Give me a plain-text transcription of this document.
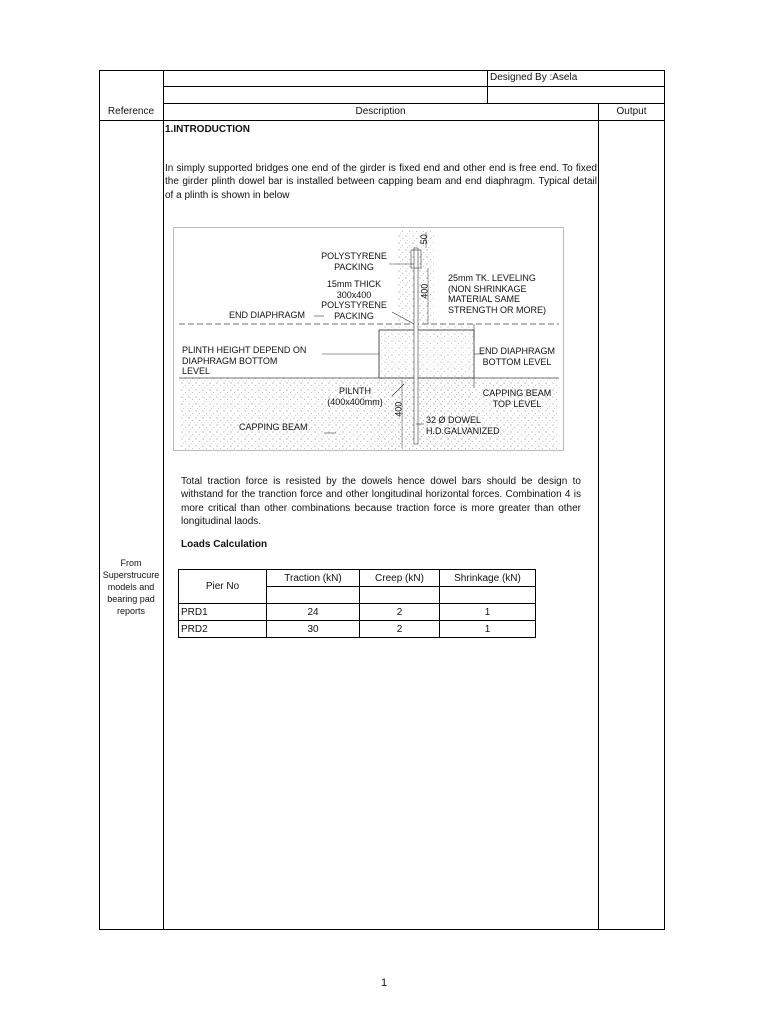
Designed By :Asela
Reference	Description	Output
From
Superstrucure
models and
bearing pad
reports
1.INTRODUCTION
In simply supported bridges one end of the girder is fixed end and other end is free end. To fixed the girder plinth dowel bar is installed between capping beam and end diaphragm. Typical detail of a plinth is shown in below
POLYSTYRENE
PACKING
50
400
400
15mm THICK
300x400
POLYSTYRENE
PACKING
25mm TK. LEVELING
(NON SHRINKAGE
MATERIAL SAME
STRENGTH OR MORE)
END DIAPHRAGM
PLINTH HEIGHT DEPEND ON
DIAPHRAGM BOTTOM
LEVEL
END DIAPHRAGM
BOTTOM LEVEL
PILNTH
(400x400mm)
CAPPING BEAM
TOP LEVEL
32 Ø DOWEL
H.D.GALVANIZED
CAPPING BEAM
Total traction force is resisted by the dowels hence dowel bars should be design to withstand for the tranction force and other longitudinal horizontal forces. Combination 4 is more critical than other combinations because traction force is more greater than other longitudinal laods.
Loads Calculation
Pier No	Traction (kN)	Creep (kN)	Shrinkage (kN)

PRD1	24	2	1
PRD2	30	2	1
1
